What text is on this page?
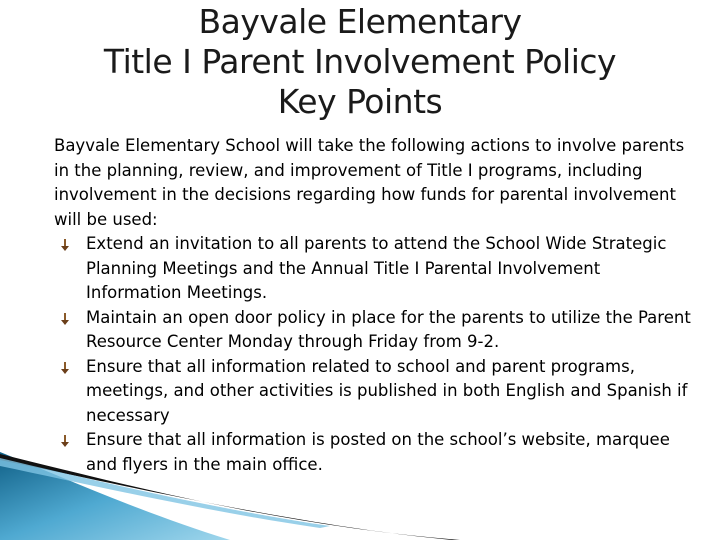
Bayvale Elementary
Title I Parent Involvement Policy
Key Points

Bayvale Elementary School will take the following actions to involve parents in the planning, review, and improvement of Title I programs, including involvement in the decisions regarding how funds for parental involvement will be used:

Extend an invitation to all parents to attend the School Wide Strategic Planning Meetings and the Annual Title I Parental Involvement Information Meetings.
Maintain an open door policy in place for the parents to utilize the Parent Resource Center Monday through Friday from 9-2.
Ensure that all information related to school and parent programs, meetings, and other activities is published in both English and Spanish if necessary
Ensure that all information is posted on the school’s website, marquee and flyers in the main office.
